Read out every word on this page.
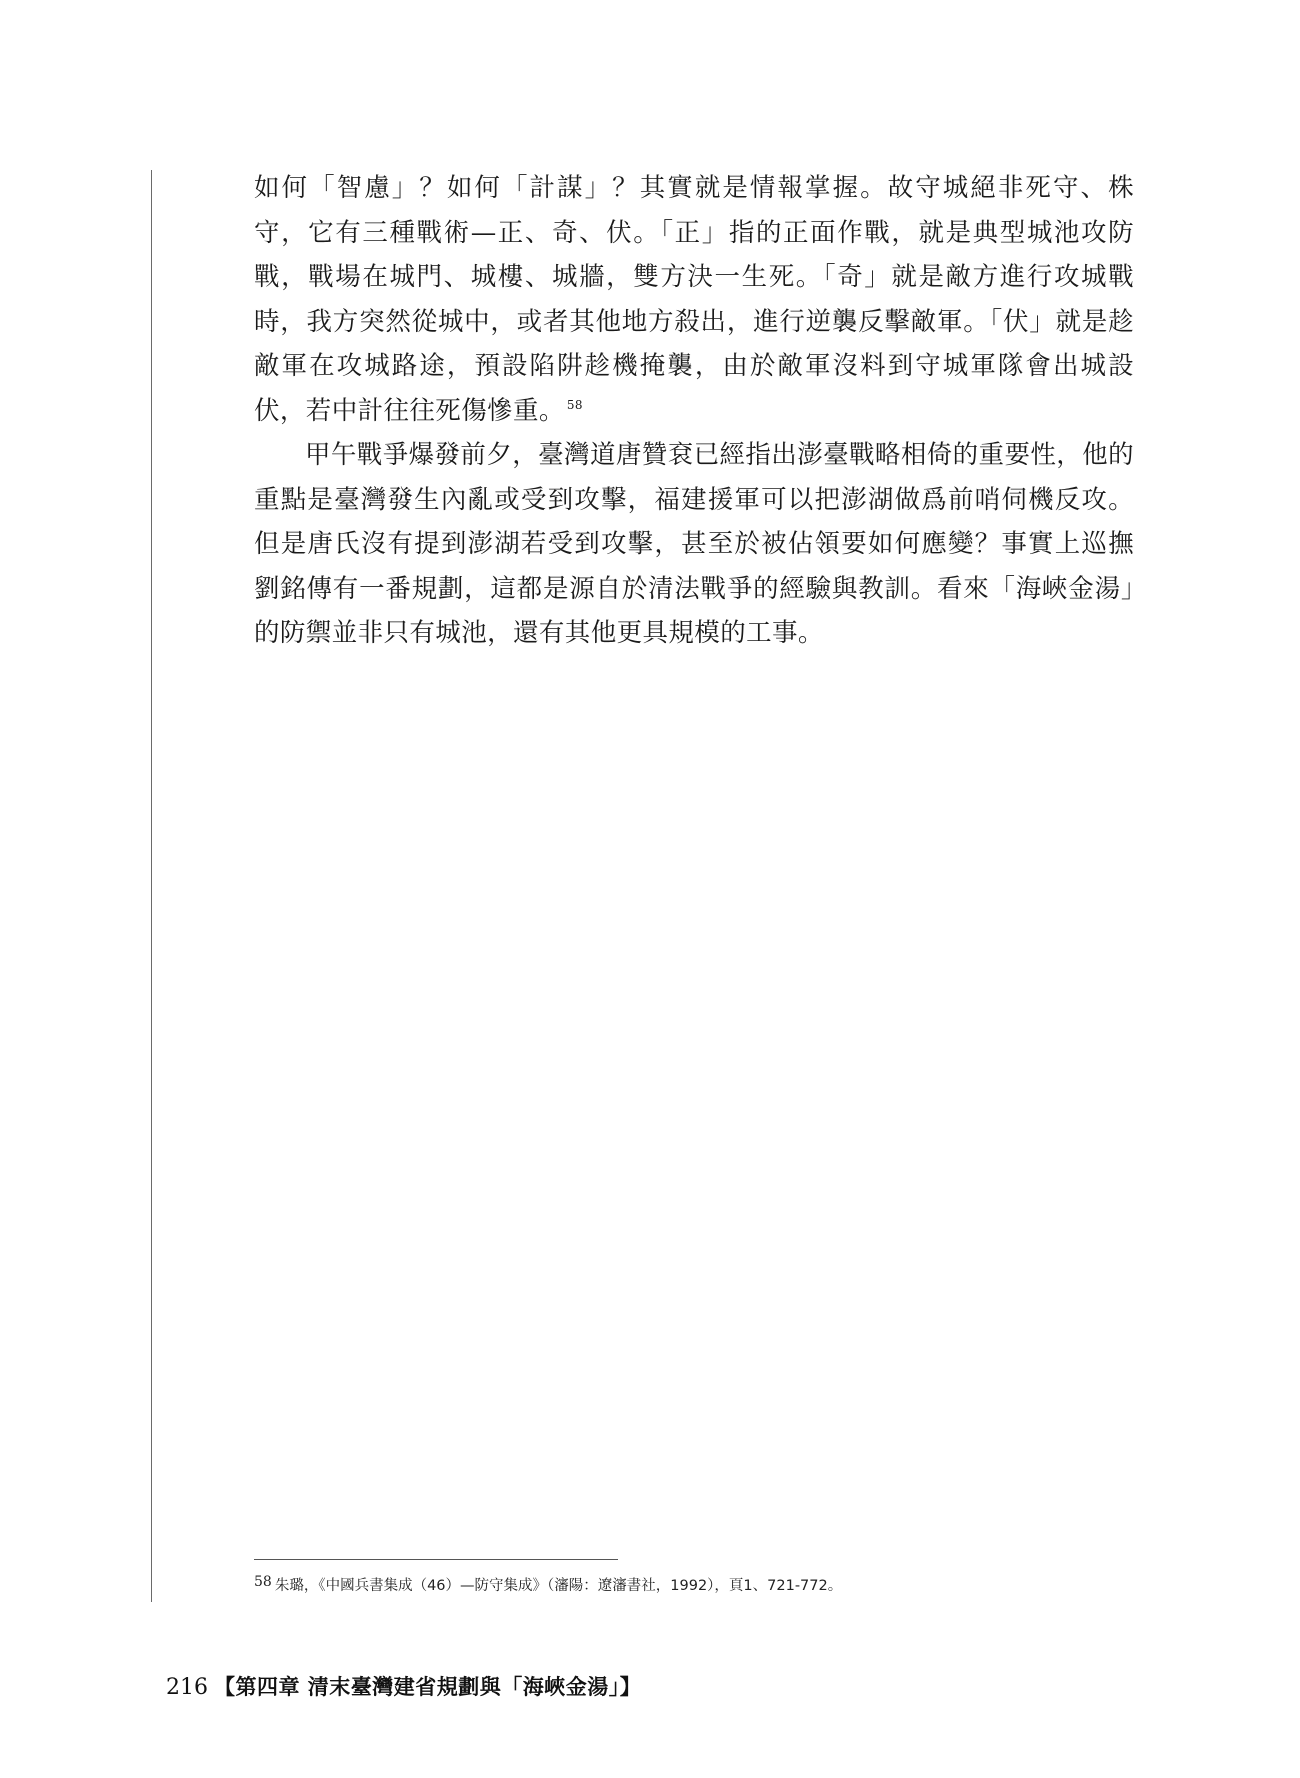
如何「智慮」？如何「計謀」？其實就是情報掌握。故守城絕非死守、株守，它有三種戰術—正、奇、伏。「正」指的正面作戰，就是典型城池攻防戰，戰場在城門、城樓、城牆，雙方決一生死。「奇」就是敵方進行攻城戰時，我方突然從城中，或者其他地方殺出，進行逆襲反擊敵軍。「伏」就是趁敵軍在攻城路途，預設陷阱趁機掩襲，由於敵軍沒料到守城軍隊會出城設伏，若中計往往死傷慘重。 $^{58}$

甲午戰爭爆發前夕，臺灣道唐贊袞已經指出澎臺戰略相倚的重要性，他的重點是臺灣發生內亂或受到攻擊，福建援軍可以把澎湖做爲前哨伺機反攻。但是唐氏沒有提到澎湖若受到攻擊，甚至於被佔領要如何應變？事實上巡撫劉銘傳有一番規劃，這都是源自於清法戰爭的經驗與教訓。看來「海峽金湯」的防禦並非只有城池，還有其他更具規模的工事。

58 朱璐，《中國兵書集成（46）—防守集成》（瀋陽：遼瀋書社，1992），頁1、721-772。
216 【第四章 清末臺灣建省規劃與「海峽金湯」】
